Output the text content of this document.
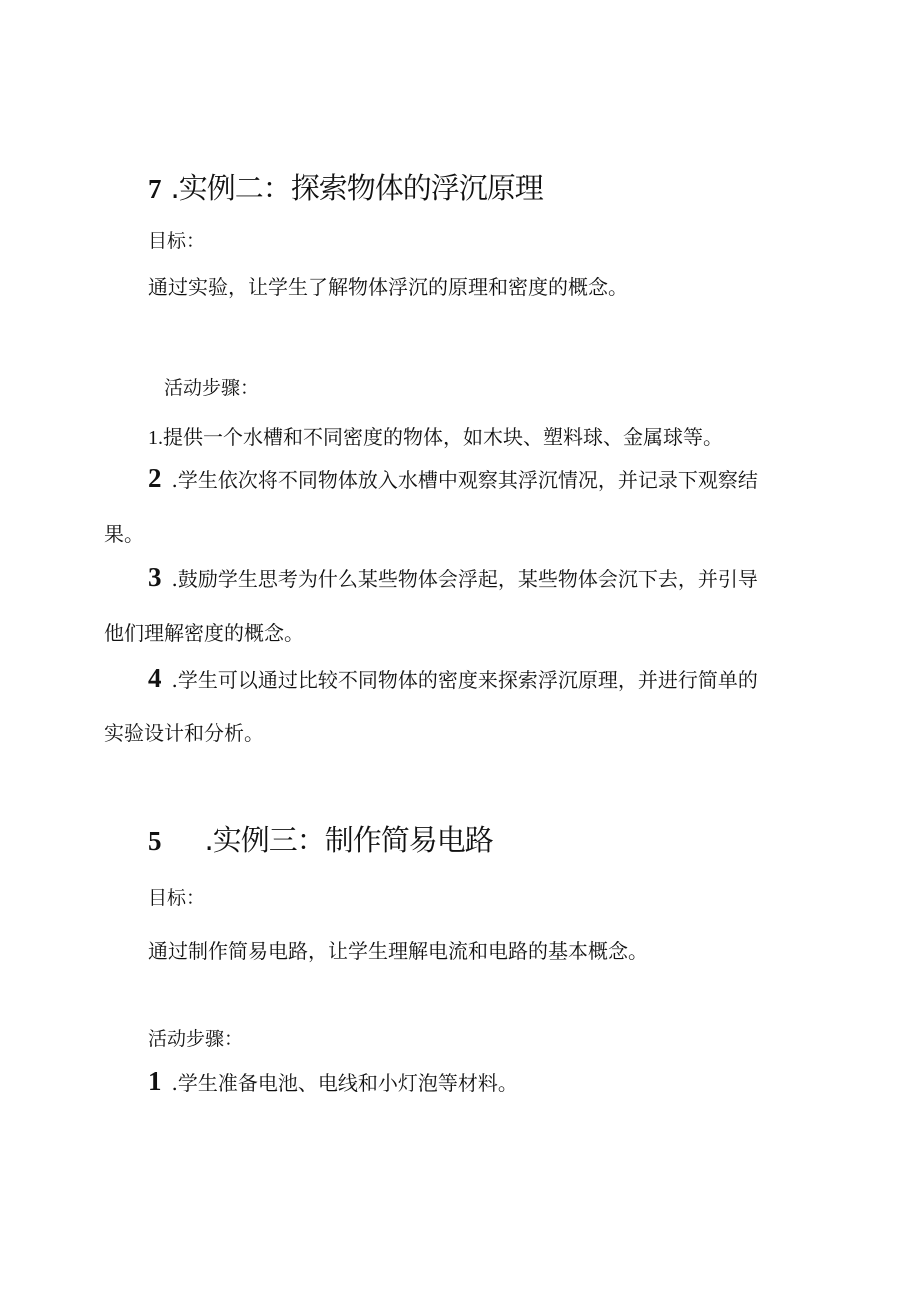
7 .实例二：探索物体的浮沉原理
目标：
通过实验，让学生了解物体浮沉的原理和密度的概念。
活动步骤：
1.提供一个水槽和不同密度的物体，如木块、塑料球、金属球等。
2 .学生依次将不同物体放入水槽中观察其浮沉情况，并记录下观察结
果。
3 .鼓励学生思考为什么某些物体会浮起，某些物体会沉下去，并引导
他们理解密度的概念。
4 .学生可以通过比较不同物体的密度来探索浮沉原理，并进行简单的
实验设计和分析。
5 .实例三：制作简易电路
目标：
通过制作简易电路，让学生理解电流和电路的基本概念。
活动步骤：
1 .学生准备电池、电线和小灯泡等材料。
